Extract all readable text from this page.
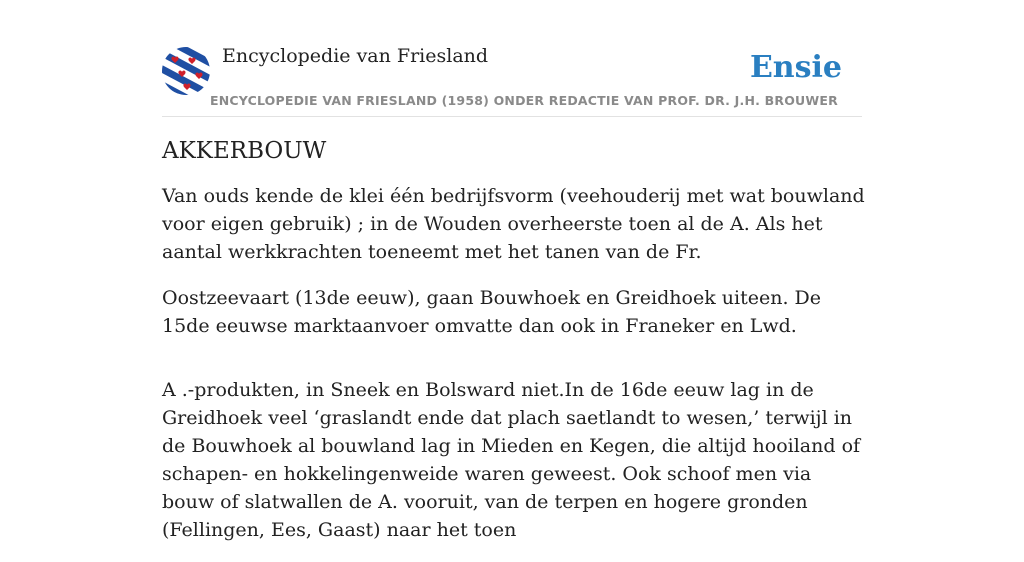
Encyclopedie van Friesland
ENCYCLOPEDIE VAN FRIESLAND (1958) ONDER REDACTIE VAN PROF. DR. J.H. BROUWER
Ensie
AKKERBOUW

Van ouds kende de klei één bedrijfsvorm (veehouderij met wat bouwland voor eigen gebruik) ; in de Wouden overheerste toen al de A. Als het aantal werkkrachten toeneemt met het tanen van de Fr.

Oostzeevaart (13de eeuw), gaan Bouwhoek en Greidhoek uiteen. De 15de eeuwse marktaanvoer omvatte dan ook in Franeker en Lwd.

A .-produkten, in Sneek en Bolsward niet.In de 16de eeuw lag in de Greidhoek veel ‘graslandt ende dat plach saetlandt to wesen,’ terwijl in de Bouwhoek al bouwland lag in Mieden en Kegen, die altijd hooiland of schapen- en hokkelingenweide waren geweest. Ook schoof men via bouw of slatwallen de A. vooruit, van de terpen en hogere gronden (Fellingen, Ees, Gaast) naar het toen
